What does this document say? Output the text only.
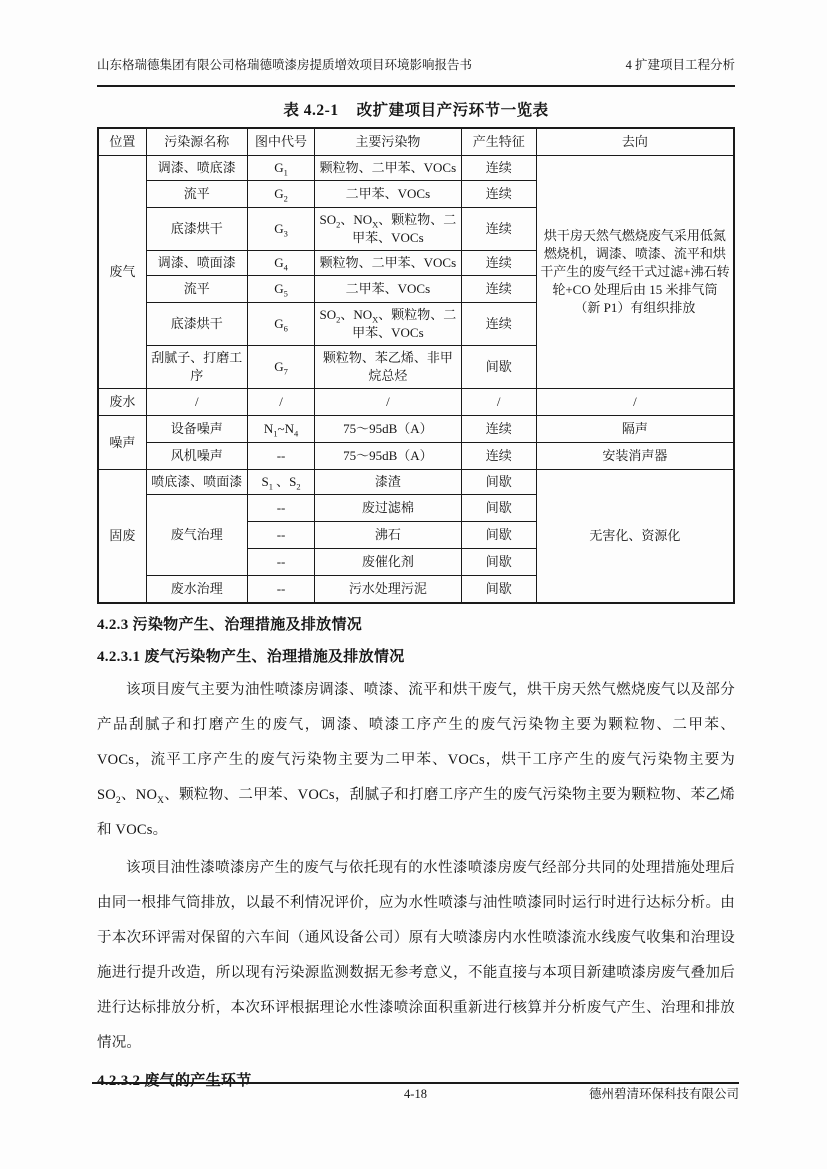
山东格瑞德集团有限公司格瑞德喷漆房提质增效项目环境影响报告书	4 扩建项目工程分析
表 4.2-1 改扩建项目产污环节一览表
位置	污染源名称	图中代号	主要污染物	产生特征	去向
废气	调漆、喷底漆	$G_1$	颗粒物、二甲苯、VOCs	连续	烘干房天然气燃烧废气采用低氮燃烧机，调漆、喷漆、流平和烘干产生的废气经干式过滤+沸石转轮+CO 处理后由 15 米排气筒（新 P1）有组织排放
	流平	$G_2$	二甲苯、VOCs	连续	
	底漆烘干	$G_3$	$SO_2$、$NO_X$、颗粒物、二甲苯、VOCs	连续	
	调漆、喷面漆	$G_4$	颗粒物、二甲苯、VOCs	连续	
	流平	$G_5$	二甲苯、VOCs	连续	
	底漆烘干	$G_6$	$SO_2$、$NO_X$、颗粒物、二甲苯、VOCs	连续	
	刮腻子、打磨工序	$G_7$	颗粒物、苯乙烯、非甲烷总烃	间歇	
废水	/	/	/	/	/
噪声	设备噪声	$N_1\sim N_4$	75～95dB（A）	连续	隔声
	风机噪声	--	75～95dB（A）	连续	安装消声器
固废	喷底漆、喷面漆	$S_1$ 、$S_2$	漆渣	间歇	无害化、资源化
	废气治理	--	废过滤棉	间歇	
		--	沸石	间歇	
		--	废催化剂	间歇	
	废水治理	--	污水处理污泥	间歇	
4.2.3 污染物产生、治理措施及排放情况
4.2.3.1 废气污染物产生、治理措施及排放情况

该项目废气主要为油性喷漆房调漆、喷漆、流平和烘干废气，烘干房天然气燃烧废气以及部分产品刮腻子和打磨产生的废气，调漆、喷漆工序产生的废气污染物主要为颗粒物、二甲苯、VOCs，流平工序产生的废气污染物主要为二甲苯、VOCs，烘干工序产生的废气污染物主要为 $SO_2$、$NO_X$、颗粒物、二甲苯、VOCs，刮腻子和打磨工序产生的废气污染物主要为颗粒物、苯乙烯和 VOCs。

该项目油性漆喷漆房产生的废气与依托现有的水性漆喷漆房废气经部分共同的处理措施处理后由同一根排气筒排放，以最不利情况评价，应为水性喷漆与油性喷漆同时运行时进行达标分析。由于本次环评需对保留的六车间（通风设备公司）原有大喷漆房内水性喷漆流水线废气收集和治理设施进行提升改造，所以现有污染源监测数据无参考意义，不能直接与本项目新建喷漆房废气叠加后进行达标排放分析，本次环评根据理论水性漆喷涂面积重新进行核算并分析废气产生、治理和排放情况。

4.2.3.2 废气的产生环节
4-18	德州碧清环保科技有限公司
